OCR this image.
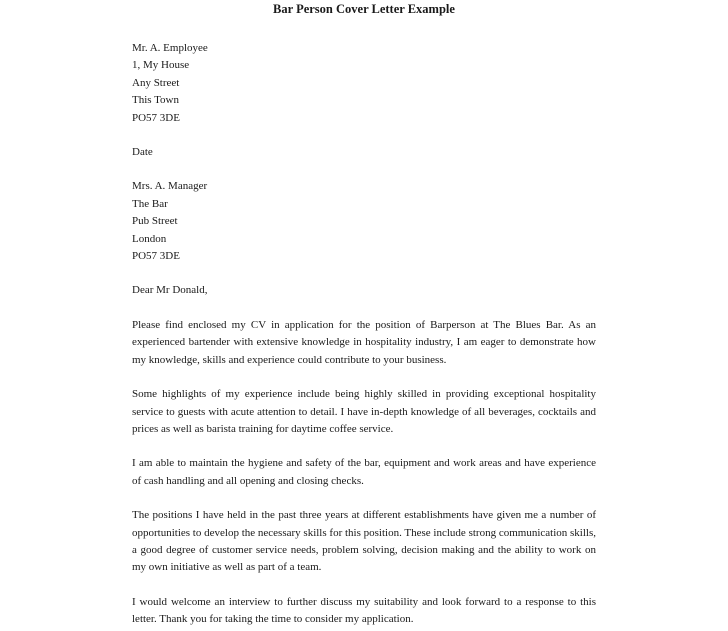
Bar Person Cover Letter Example
Mr. A. Employee
1, My House
Any Street
This Town
PO57 3DE
Date
Mrs. A. Manager
The Bar
Pub Street
London
PO57 3DE
Dear Mr Donald,

Please find enclosed my CV in application for the position of Barperson at The Blues Bar. As an experienced bartender with extensive knowledge in hospitality industry, I am eager to demonstrate how my knowledge, skills and experience could contribute to your business.

Some highlights of my experience include being highly skilled in providing exceptional hospitality service to guests with acute attention to detail. I have in-depth knowledge of all beverages, cocktails and prices as well as barista training for daytime coffee service.

I am able to maintain the hygiene and safety of the bar, equipment and work areas and have experience of cash handling and all opening and closing checks.

The positions I have held in the past three years at different establishments have given me a number of opportunities to develop the necessary skills for this position. These include strong communication skills, a good degree of customer service needs, problem solving, decision making and the ability to work on my own initiative as well as part of a team.

I would welcome an interview to further discuss my suitability and look forward to a response to this letter. Thank you for taking the time to consider my application.
